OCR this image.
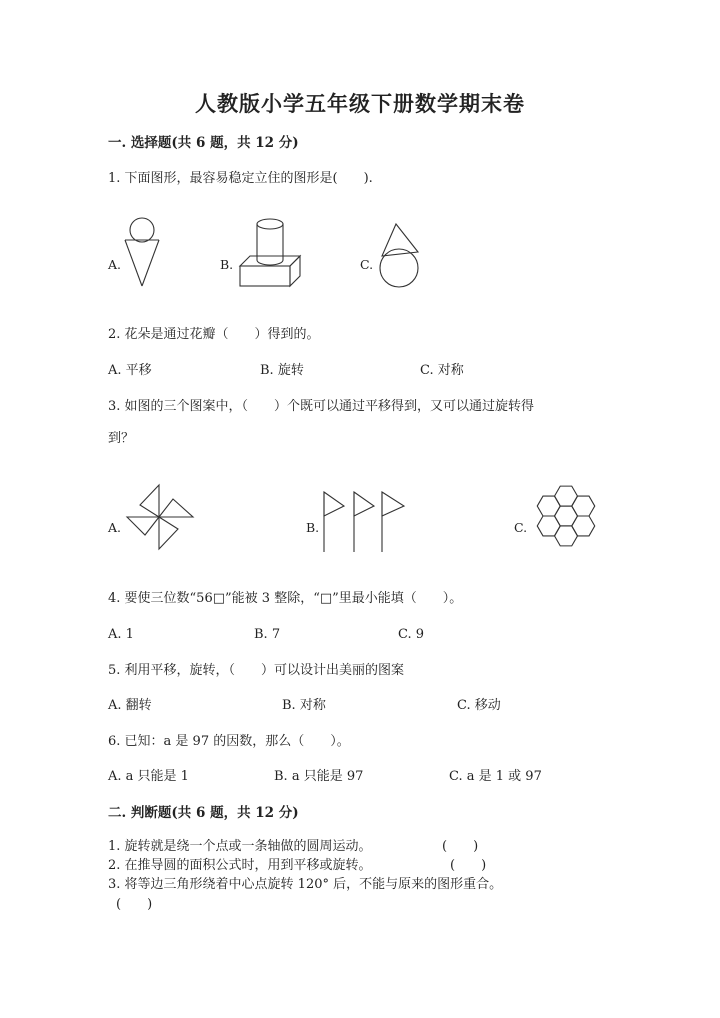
人教版小学五年级下册数学期末卷
一. 选择题(共 6 题，共 12 分)
1. 下面图形，最容易稳定立住的图形是(　　).
A.	B.	C.
2. 花朵是通过花瓣（　　）得到的。
A. 平移	B. 旋转	C. 对称
3. 如图的三个图案中，（　　）个既可以通过平移得到，又可以通过旋转得
到？
A.	B.	C.
4. 要使三位数“56□”能被 3 整除，“□”里最小能填（　　）。
A. 1	B. 7	C. 9
5. 利用平移，旋转，（　　）可以设计出美丽的图案
A. 翻转	B. 对称	C. 移动
6. 已知：a 是 97 的因数，那么（　　）。
A. a 只能是 1	B. a 只能是 97	C. a 是 1 或 97
二. 判断题(共 6 题，共 12 分)
1. 旋转就是绕一个点或一条轴做的圆周运动。	(　　)
2. 在推导圆的面积公式时，用到平移或旋转。	(　　)
3. 将等边三角形绕着中心点旋转 120° 后，不能与原来的图形重合。
(　　)
